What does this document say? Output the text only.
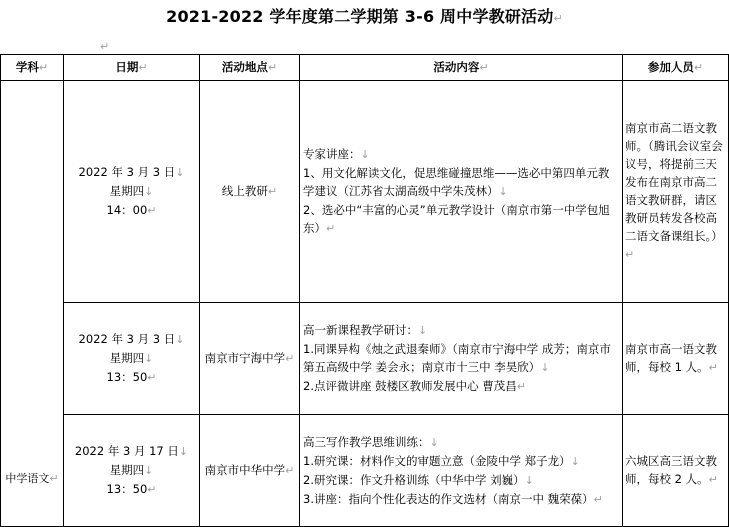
2021-2022 学年度第二学期第 3-6 周中学教研活动↵
↵
学科↵	日期↵	活动地点↵	活动内容↵	参加人员↵
中学语文↵	2022 年 3 月 3 日↓
星期四↓
14：00↵	线上教研↵	专家讲座：↓
1、用文化解读文化，促思维碰撞思维——选必中第四单元教学建议（江苏省太湖高级中学朱茂林）↓
2、选必中“丰富的心灵”单元教学设计（南京市第一中学包旭东）↵	南京市高二语文教师。（腾讯会议室会议号，将提前三天发布在南京市高二语文教研群，请区教研员转发各校高二语文备课组长。）↵

	2022 年 3 月 3 日↓
星期四↓
13：50↵	南京市宁海中学↵	高一新课程教学研讨：↓
1.同课异构《烛之武退秦师》（南京市宁海中学 成芳；南京市第五高级中学 姜会永；南京市十三中 李昊欣）↓
2.点评微讲座 鼓楼区教师发展中心 曹茂昌↵	南京市高一语文教师，每校 1 人。↵

	2022 年 3 月 17 日↓
星期四↓
13：50↵	南京市中华中学↵	高三写作教学思维训练：↓
1.研究课：材料作文的审题立意（金陵中学 郑子龙）↓
2.研究课：作文升格训练（中华中学 刘巍）↓
3.讲座：指向个性化表达的作文选材（南京一中 魏荣葆）↵	六城区高三语文教师，每校 2 人。↵
